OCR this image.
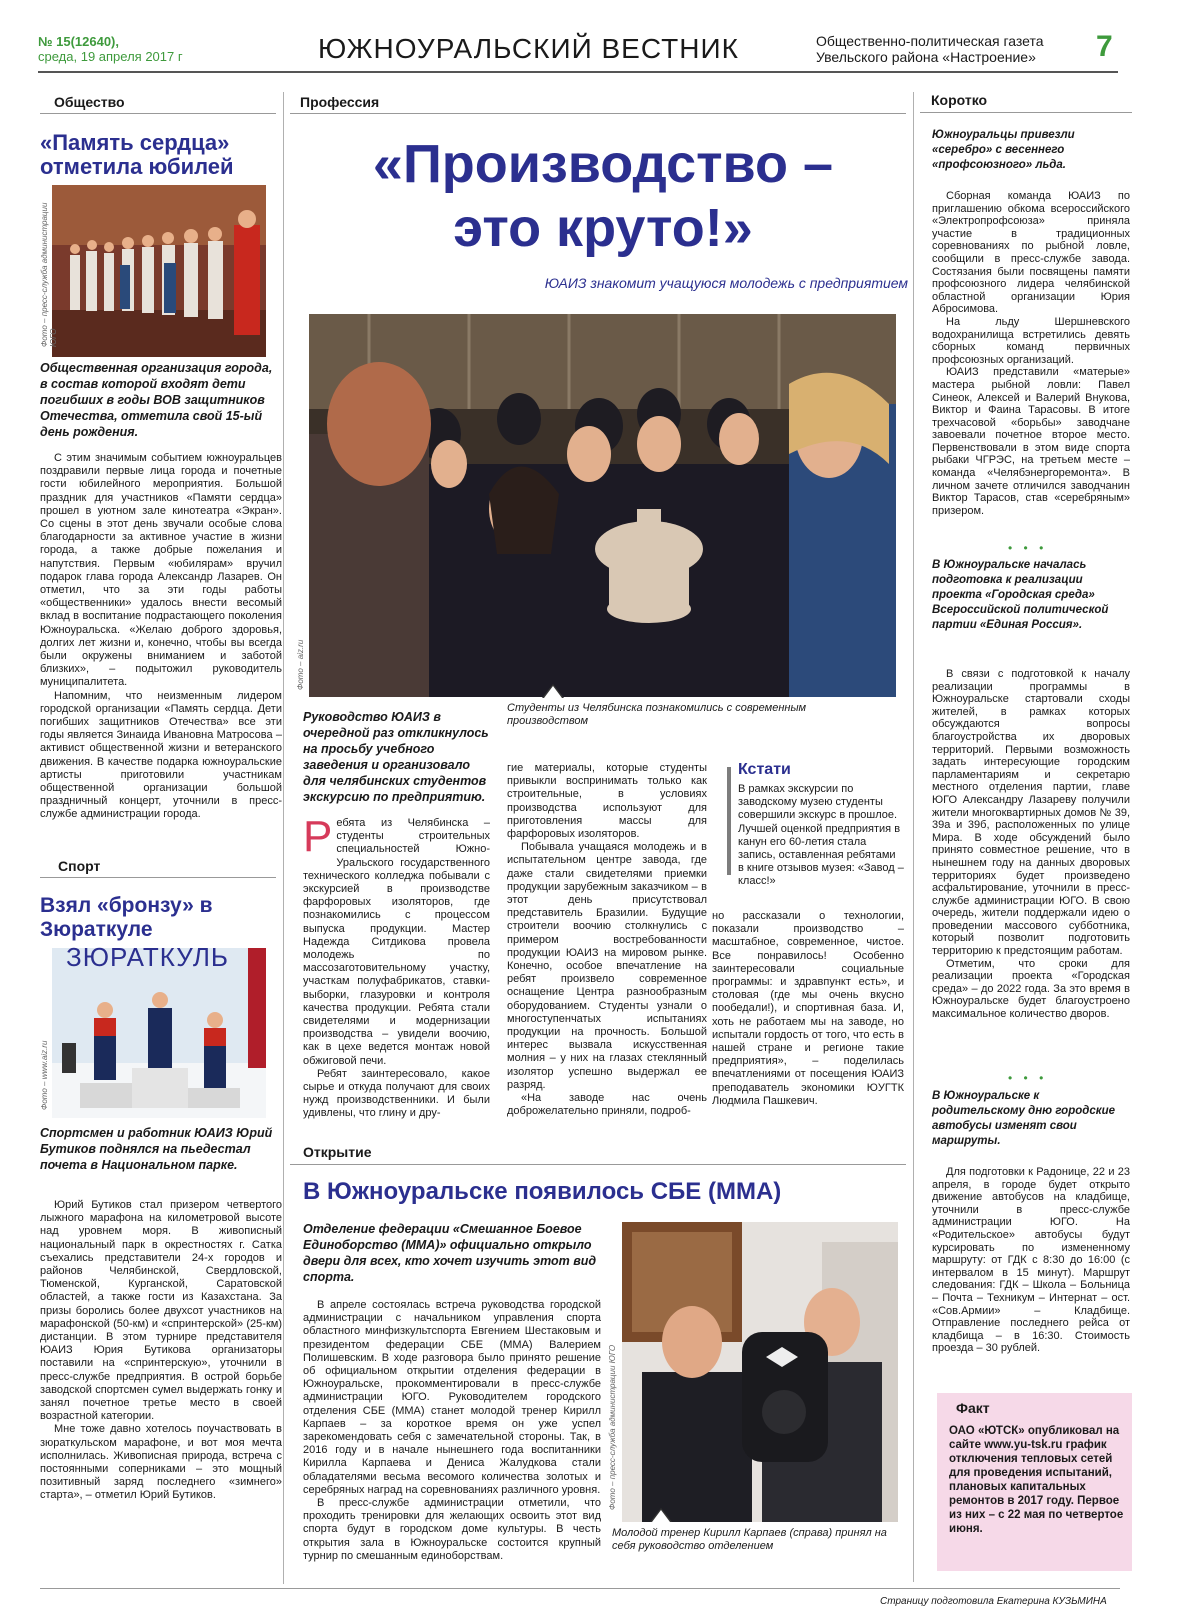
№ 15(12640),
среда, 19 апреля 2017 г	ЮЖНОУРАЛЬСКИЙ ВЕСТНИК	Общественно-политическая газета
Увельского района «Настроение» 7
Общество
«Память сердца» отметила юбилей
Фото – пресс-служба администрации ЮГО
Общественная организация города, в состав которой входят дети погибших в годы ВОВ защитников Отечества, отметила свой 15-ый день рождения.

С этим значимым событием южноуральцев поздравили первые лица города и почетные гости юбилейного мероприятия. Большой праздник для участников «Памяти сердца» прошел в уютном зале кинотеатра «Экран». Со сцены в этот день звучали особые слова благодарности за активное участие в жизни города, а также добрые пожелания и напутствия. Первым «юбилярам» вручил подарок глава города Александр Лазарев. Он отметил, что за эти годы работы «общественники» удалось внести весомый вклад в воспитание подрастающего поколения Южноуральска. «Желаю доброго здоровья, долгих лет жизни и, конечно, чтобы вы всегда были окружены вниманием и заботой близких», – подытожил руководитель муниципалитета.

Напомним, что неизменным лидером городской организации «Память сердца. Дети погибших защитников Отечества» все эти годы является Зинаида Ивановна Матросова – активист общественной жизни и ветеранского движения. В качестве подарка южноуральские артисты приготовили участникам общественной организации большой праздничный концерт, уточнили в пресс-службе администрации города.

Спорт
Взял «бронзу» в Зюраткуле
ЗЮРАТКУЛЬ
Фото – www.aiz.ru
Спортсмен и работник ЮАИЗ Юрий Бутиков поднялся на пьедестал почета в Национальном парке.

Юрий Бутиков стал призером четвертого лыжного марафона на километровой высоте над уровнем моря. В живописный национальный парк в окрестностях г. Сатка съехались представители 24-х городов и районов Челябинской, Свердловской, Тюменской, Курганской, Саратовской областей, а также гости из Казахстана. За призы боролись более двухсот участников на марафонской (50-км) и «спринтерской» (25-км) дистанции. В этом турнире представителя ЮАИЗ Юрия Бутикова организаторы поставили на «спринтерскую», уточнили в пресс-службе предприятия. В острой борьбе заводской спортсмен сумел выдержать гонку и занял почетное третье место в своей возрастной категории.

Мне тоже давно хотелось поучаствовать в зюраткульском марафоне, и вот моя мечта исполнилась. Живописная природа, встреча с постоянными соперниками – это мощный позитивный заряд последнего «зимнего» старта», – отметил Юрий Бутиков.

Профессия
«Производство –
это круто!»
ЮАИЗ знакомит учащуюся молодежь с предприятием
Фото – aiz.ru
Студенты из Челябинска познакомились с современным производством
Руководство ЮАИЗ в очередной раз откликнулось на просьбу учебного заведения и организовало для челябинских студентов экскурсию по предприятию.
Ребята из Челябинска – студенты строительных специальностей Южно-Уральского государственного технического колледжа побывали с экскурсией в производстве фарфоровых изоляторов, где познакомились с процессом выпуска продукции. Мастер Надежда Ситдикова провела молодежь по массозаготовительному участку, участкам полуфабрикатов, ставки-выборки, глазуровки и контроля качества продукции. Ребята стали свидетелями и модернизации производства – увидели воочию, как в цехе ведется монтаж новой обжиговой печи.

Ребят заинтересовало, какое сырье и откуда получают для своих нужд производственники. И были удивлены, что глину и дру-

гие материалы, которые студенты привыкли воспринимать только как строительные, в условиях производства используют для приготовления массы для фарфоровых изоляторов.

Побывала учащаяся молодежь и в испытательном центре завода, где даже стали свидетелями приемки продукции зарубежным заказчиком – в этот день присутствовал представитель Бразилии. Будущие строители воочию столкнулись с примером востребованности продукции ЮАИЗ на мировом рынке. Конечно, особое впечатление на ребят произвело современное оснащение Центра разнообразным оборудованием. Студенты узнали о многоступенчатых испытаниях продукции на прочность. Большой интерес вызвала искусственная молния – у них на глазах стеклянный изолятор успешно выдержал ее разряд.

«На заводе нас очень доброжелательно приняли, подроб-

Кстати
В рамках экскурсии по заводскому музею студенты совершили экскурс в прошлое. Лучшей оценкой предприятия в канун его 60-летия стала запись, оставленная ребятами в книге отзывов музея: «Завод – класс!»
но рассказали о технологии, показали производство – масштабное, современное, чистое. Все понравилось! Особенно заинтересовали социальные программы: и здравпункт есть», и столовая (где мы очень вкусно пообедали!), и спортивная база. И, хоть не работаем мы на заводе, но испытали гордость от того, что есть в нашей стране и регионе такие предприятия», – поделилась впечатлениями от посещения ЮАИЗ преподаватель экономики ЮУГТК Людмила Пашкевич.
Открытие
В Южноуральске появилось СБЕ (ММА)
Отделение федерации «Смешанное Боевое Единоборство (ММА)» официально открыло двери для всех, кто хочет изучить этот вид спорта.

В апреле состоялась встреча руководства городской администрации с начальником управления спорта областного минфизкультспорта Евгением Шестаковым и президентом федерации СБЕ (ММА) Валерием Полишевским. В ходе разговора было принято решение об официальном открытии отделения федерации в Южноуральске, прокомментировали в пресс-службе администрации ЮГО. Руководителем городского отделения СБЕ (ММА) станет молодой тренер Кирилл Карпаев – за короткое время он уже успел зарекомендовать себя с замечательной стороны. Так, в 2016 году и в начале нынешнего года воспитанники Кирилла Карпаева и Дениса Жалудкова стали обладателями весьма весомого количества золотых и серебряных наград на соревнованиях различного уровня.

В пресс-службе администрации отметили, что проходить тренировки для желающих освоить этот вид спорта будут в городском доме культуры. В честь открытия зала в Южноуральске состоится крупный турнир по смешанным единоборствам.

Фото – пресс-служба администрации ЮГО
Молодой тренер Кирилл Карпаев (справа) принял на себя руководство отделением
Коротко
Южноуральцы привезли «серебро» с весеннего «профсоюзного» льда.

Сборная команда ЮАИЗ по приглашению обкома всероссийского «Электропрофсоюза» приняла участие в традиционных соревнованиях по рыбной ловле, сообщили в пресс-службе завода. Состязания были посвящены памяти профсоюзного лидера челябинской областной организации Юрия Абросимова.

На льду Шершневского водохранилища встретились девять сборных команд первичных профсоюзных организаций.

ЮАИЗ представили «матерые» мастера рыбной ловли: Павел Синеок, Алексей и Валерий Внукова, Виктор и Фаина Тарасовы. В итоге трехчасовой «борьбы» заводчане завоевали почетное второе место. Первенствовали в этом виде спорта рыбаки ЧГРЭС, на третьем месте – команда «Челябэнергоремонта». В личном зачете отличился заводчанин Виктор Тарасов, став «серебряным» призером.

• • •
В Южноуральске началась подготовка к реализации проекта «Городская среда» Всероссийской политической партии «Единая Россия».

В связи с подготовкой к началу реализации программы в Южноуральске стартовали сходы жителей, в рамках которых обсуждаются вопросы благоустройства их дворовых территорий. Первыми возможность задать интересующие городским парламентариям и секретарю местного отделения партии, главе ЮГО Александру Лазареву получили жители многоквартирных домов № 39, 39а и 39б, расположенных по улице Мира. В ходе обсуждений было принято совместное решение, что в нынешнем году на данных дворовых территориях будет произведено асфальтирование, уточнили в пресс-службе администрации ЮГО. В свою очередь, жители поддержали идею о проведении массового субботника, который позволит подготовить территорию к предстоящим работам.

Отметим, что сроки для реализации проекта «Городская среда» – до 2022 года. За это время в Южноуральске будет благоустроено максимальное количество дворов.

• • •
В Южноуральске к родительскому дню городские автобусы изменят свои маршруты.

Для подготовки к Радонице, 22 и 23 апреля, в городе будет открыто движение автобусов на кладбище, уточнили в пресс-службе администрации ЮГО. На «Родительское» автобусы будут курсировать по измененному маршруту: от ГДК с 8:30 до 16:00 (с интервалом в 15 минут). Маршрут следования: ГДК – Школа – Больница – Почта – Техникум – Интернат – ост. «Сов.Армии» – Кладбище. Отправление последнего рейса от кладбища – в 16:30. Стоимость проезда – 30 рублей.

Факт
ОАО «ЮТСК» опубликовал на сайте www.yu-tsk.ru график отключения тепловых сетей для проведения испытаний, плановых капитальных ремонтов в 2017 году. Первое из них – с 22 мая по четвертое июня.
Страницу подготовила Екатерина КУЗЬМИНА
